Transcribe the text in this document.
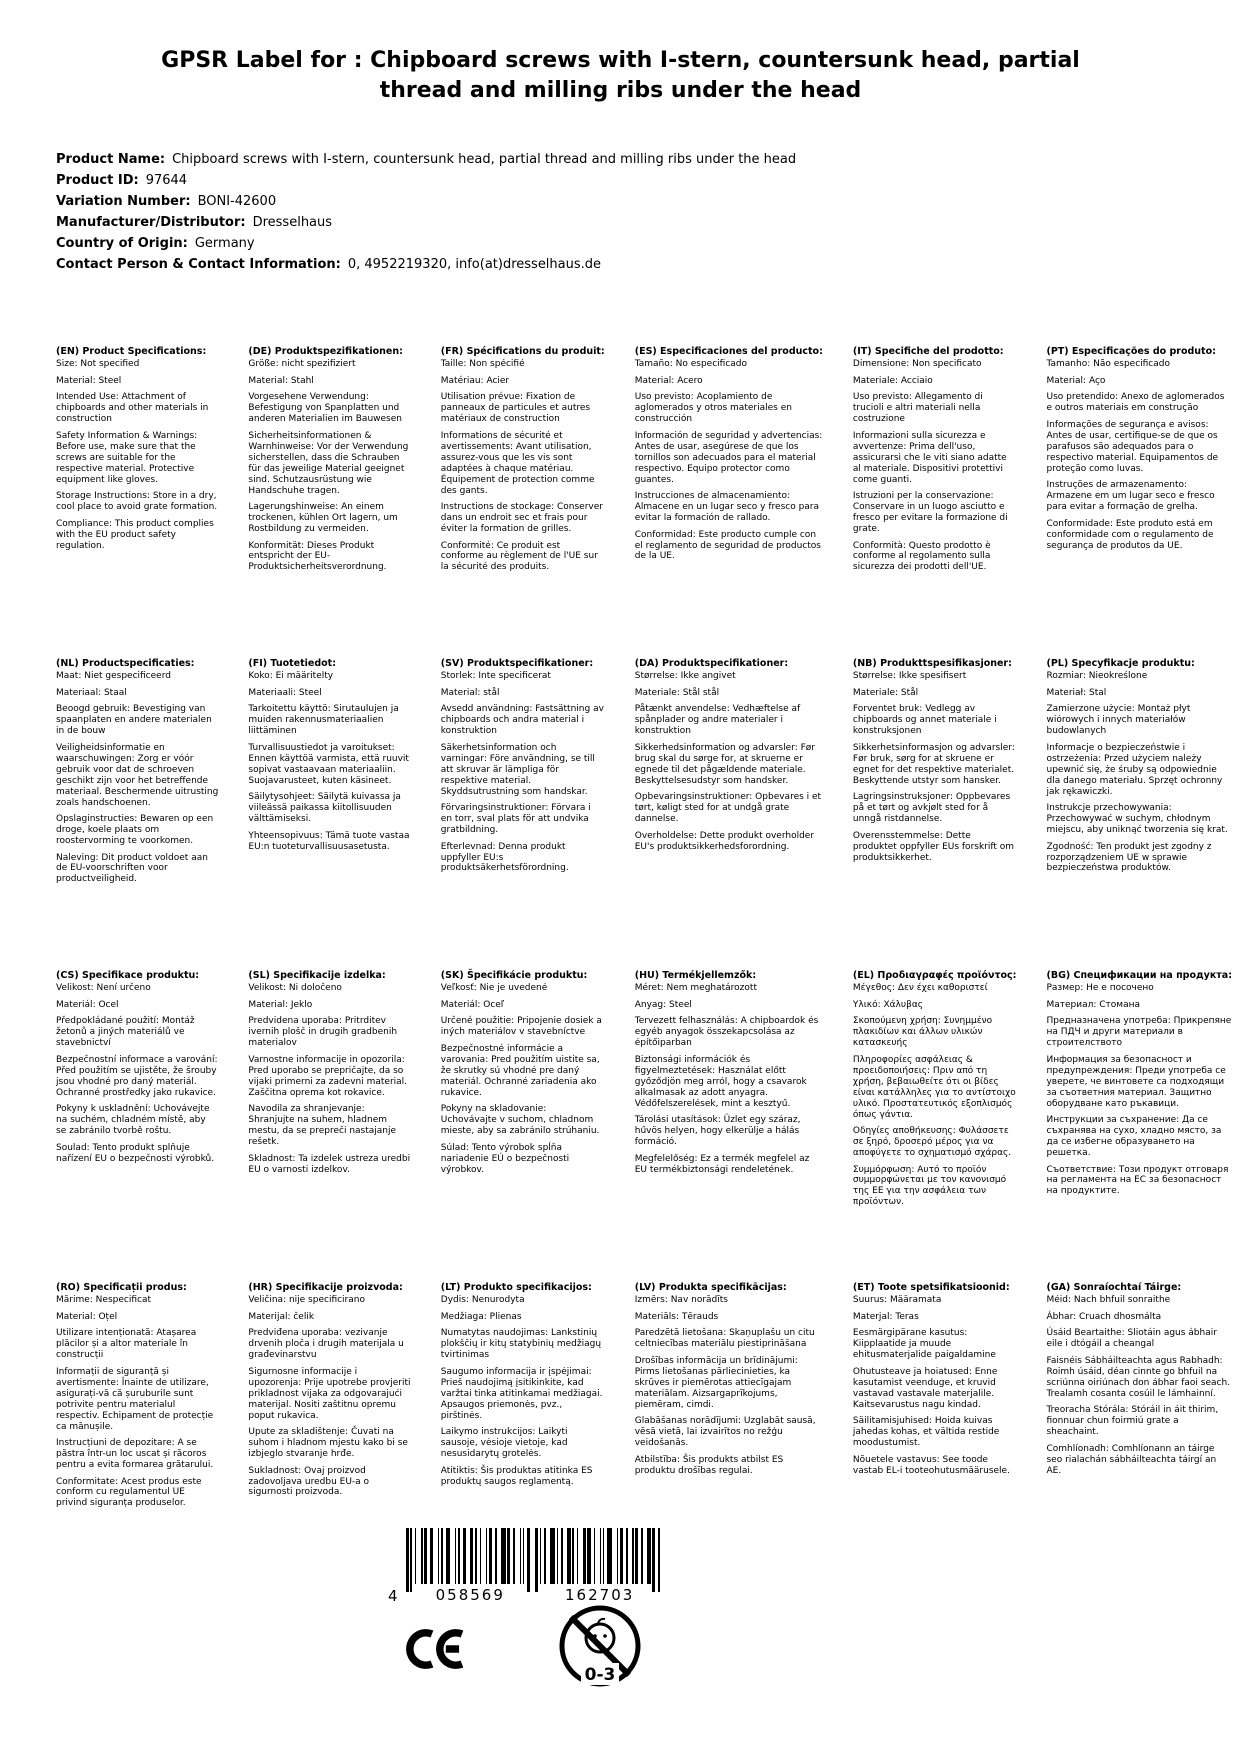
GPSR Label for : Chipboard screws with I-stern, countersunk head, partial thread and milling ribs under the head

Product Name: Chipboard screws with I-stern, countersunk head, partial thread and milling ribs under the head

Product ID: 97644

Variation Number: BONI-42600

Manufacturer/Distributor: Dresselhaus

Country of Origin: Germany

Contact Person & Contact Information: 0, 4952219320, info(at)dresselhaus.de

(EN) Product Specifications:

Size: Not specified

Material: Steel

Intended Use: Attachment of chipboards and other materials in construction

Safety Information & Warnings: Before use, make sure that the screws are suitable for the respective material. Protective equipment like gloves.

Storage Instructions: Store in a dry, cool place to avoid grate formation.

Compliance: This product complies with the EU product safety regulation.

(DE) Produktspezifikationen:

Größe: nicht spezifiziert

Material: Stahl

Vorgesehene Verwendung: Befestigung von Spanplatten und anderen Materialien im Bauwesen

Sicherheitsinformationen & Warnhinweise: Vor der Verwendung sicherstellen, dass die Schrauben für das jeweilige Material geeignet sind. Schutzausrüstung wie Handschuhe tragen.

Lagerungshinweise: An einem trockenen, kühlen Ort lagern, um Rostbildung zu vermeiden.

Konformität: Dieses Produkt entspricht der EU-Produktsicherheitsverordnung.

(FR) Spécifications du produit:

Taille: Non spécifié

Matériau: Acier

Utilisation prévue: Fixation de panneaux de particules et autres matériaux de construction

Informations de sécurité et avertissements: Avant utilisation, assurez-vous que les vis sont adaptées à chaque matériau. Équipement de protection comme des gants.

Instructions de stockage: Conserver dans un endroit sec et frais pour éviter la formation de grilles.

Conformité: Ce produit est conforme au règlement de l'UE sur la sécurité des produits.

(ES) Especificaciones del producto:

Tamaño: No especificado

Material: Acero

Uso previsto: Acoplamiento de aglomerados y otros materiales en construcción

Información de seguridad y advertencias: Antes de usar, asegúrese de que los tornillos son adecuados para el material respectivo. Equipo protector como guantes.

Instrucciones de almacenamiento: Almacene en un lugar seco y fresco para evitar la formación de rallado.

Conformidad: Este producto cumple con el reglamento de seguridad de productos de la UE.

(IT) Specifiche del prodotto:

Dimensione: Non specificato

Materiale: Acciaio

Uso previsto: Allegamento di trucioli e altri materiali nella costruzione

Informazioni sulla sicurezza e avvertenze: Prima dell'uso, assicurarsi che le viti siano adatte al materiale. Dispositivi protettivi come guanti.

Istruzioni per la conservazione: Conservare in un luogo asciutto e fresco per evitare la formazione di grate.

Conformità: Questo prodotto è conforme al regolamento sulla sicurezza dei prodotti dell'UE.

(PT) Especificações do produto:

Tamanho: Não especificado

Material: Aço

Uso pretendido: Anexo de aglomerados e outros materiais em construção

Informações de segurança e avisos: Antes de usar, certifique-se de que os parafusos são adequados para o respectivo material. Equipamentos de proteção como luvas.

Instruções de armazenamento: Armazene em um lugar seco e fresco para evitar a formação de grelha.

Conformidade: Este produto está em conformidade com o regulamento de segurança de produtos da UE.

(NL) Productspecificaties:

Maat: Niet gespecificeerd

Materiaal: Staal

Beoogd gebruik: Bevestiging van spaanplaten en andere materialen in de bouw

Veiligheidsinformatie en waarschuwingen: Zorg er vóór gebruik voor dat de schroeven geschikt zijn voor het betreffende materiaal. Beschermende uitrusting zoals handschoenen.

Opslaginstructies: Bewaren op een droge, koele plaats om roostervorming te voorkomen.

Naleving: Dit product voldoet aan de EU-voorschriften voor productveiligheid.

(FI) Tuotetiedot:

Koko: Ei määritelty

Materiaali: Steel

Tarkoitettu käyttö: Sirutaulujen ja muiden rakennusmateriaalien liittäminen

Turvallisuustiedot ja varoitukset: Ennen käyttöä varmista, että ruuvit sopivat vastaavaan materiaaliin. Suojavarusteet, kuten käsineet.

Säilytysohjeet: Säilytä kuivassa ja viileässä paikassa kiitollisuuden välttämiseksi.

Yhteensopivuus: Tämä tuote vastaa EU:n tuoteturvallisuusasetusta.

(SV) Produktspecifikationer:

Storlek: Inte specificerat

Material: stål

Avsedd användning: Fastsättning av chipboards och andra material i konstruktion

Säkerhetsinformation och varningar: Före användning, se till att skruvar är lämpliga för respektive material. Skyddsutrustning som handskar.

Förvaringsinstruktioner: Förvara i en torr, sval plats för att undvika gratbildning.

Efterlevnad: Denna produkt uppfyller EU:s produktsäkerhetsförordning.

(DA) Produktspecifikationer:

Størrelse: Ikke angivet

Materiale: Stål stål

Påtænkt anvendelse: Vedhæftelse af spånplader og andre materialer i konstruktion

Sikkerhedsinformation og advarsler: Før brug skal du sørge for, at skruerne er egnede til det pågældende materiale. Beskyttelsesudstyr som handsker.

Opbevaringsinstruktioner: Opbevares i et tørt, køligt sted for at undgå grate dannelse.

Overholdelse: Dette produkt overholder EU's produktsikkerhedsforordning.

(NB) Produkttspesifikasjoner:

Størrelse: Ikke spesifisert

Materiale: Stål

Forventet bruk: Vedlegg av chipboards og annet materiale i konstruksjonen

Sikkerhetsinformasjon og advarsler: Før bruk, sørg for at skruene er egnet for det respektive materialet. Beskyttende utstyr som hansker.

Lagringsinstruksjoner: Oppbevares på et tørt og avkjølt sted for å unngå ristdannelse.

Overensstemmelse: Dette produktet oppfyller EUs forskrift om produktsikkerhet.

(PL) Specyfikacje produktu:

Rozmiar: Nieokreślone

Materiał: Stal

Zamierzone użycie: Montaż płyt wiórowych i innych materiałów budowlanych

Informacje o bezpieczeństwie i ostrzeżenia: Przed użyciem należy upewnić się, że śruby są odpowiednie dla danego materiału. Sprzęt ochronny jak rękawiczki.

Instrukcje przechowywania: Przechowywać w suchym, chłodnym miejscu, aby uniknąć tworzenia się krat.

Zgodność: Ten produkt jest zgodny z rozporządzeniem UE w sprawie bezpieczeństwa produktów.

(CS) Specifikace produktu:

Velikost: Není určeno

Materiál: Ocel

Předpokládané použití: Montáž žetonů a jiných materiálů ve stavebnictví

Bezpečnostní informace a varování: Před použitím se ujistěte, že šrouby jsou vhodné pro daný materiál. Ochranné prostředky jako rukavice.

Pokyny k uskladnění: Uchovávejte na suchém, chladném místě, aby se zabránilo tvorbě roštu.

Soulad: Tento produkt splňuje nařízení EU o bezpečnosti výrobků.

(SL) Specifikacije izdelka:

Velikost: Ni določeno

Material: Jeklo

Predvidena uporaba: Pritrditev ivernih plošč in drugih gradbenih materialov

Varnostne informacije in opozorila: Pred uporabo se prepričajte, da so vijaki primerni za zadevni material. Zaščitna oprema kot rokavice.

Navodila za shranjevanje: Shranjujte na suhem, hladnem mestu, da se prepreči nastajanje rešetk.

Skladnost: Ta izdelek ustreza uredbi EU o varnosti izdelkov.

(SK) Špecifikácie produktu:

Veľkosť: Nie je uvedené

Materiál: Oceľ

Určené použitie: Pripojenie dosiek a iných materiálov v stavebníctve

Bezpečnostné informácie a varovania: Pred použitím uistite sa, že skrutky sú vhodné pre daný materiál. Ochranné zariadenia ako rukavice.

Pokyny na skladovanie: Uchovávajte v suchom, chladnom mieste, aby sa zabránilo strúhaniu.

Súlad: Tento výrobok spĺňa nariadenie EÚ o bezpečnosti výrobkov.

(HU) Termékjellemzők:

Méret: Nem meghatározott

Anyag: Steel

Tervezett felhasználás: A chipboardok és egyéb anyagok összekapcsolása az építőiparban

Biztonsági információk és figyelmeztetések: Használat előtt győződjön meg arról, hogy a csavarok alkalmasak az adott anyagra. Védőfelszerelések, mint a kesztyű.

Tárolási utasítások: Üzlet egy száraz, hűvös helyen, hogy elkerülje a hálás formáció.

Megfelelőség: Ez a termék megfelel az EU termékbiztonsági rendeletének.

(EL) Προδιαγραφές προϊόντος:

Μέγεθος: Δεν έχει καθοριστεί

Υλικό: Χάλυβας

Σκοπούμενη χρήση: Συνημμένο πλακιδίων και άλλων υλικών κατασκευής

Πληροφορίες ασφάλειας & προειδοποιήσεις: Πριν από τη χρήση, βεβαιωθείτε ότι οι βίδες είναι κατάλληλες για το αντίστοιχο υλικό. Προστατευτικός εξοπλισμός όπως γάντια.

Οδηγίες αποθήκευσης: Φυλάσσετε σε ξηρό, δροσερό μέρος για να αποφύγετε το σχηματισμό σχάρας.

Συμμόρφωση: Αυτό το προϊόν συμμορφώνεται με τον κανονισμό της ΕΕ για την ασφάλεια των προϊόντων.

(BG) Спецификации на продукта:

Размер: Не е посочено

Материал: Стомана

Предназначена употреба: Прикрепяне на ПДЧ и други материали в строителството

Информация за безопасност и предупреждения: Преди употреба се уверете, че винтовете са подходящи за съответния материал. Защитно оборудване като ръкавици.

Инструкции за съхранение: Да се съхранява на сухо, хладно място, за да се избегне образуването на решетка.

Съответствие: Този продукт отговаря на регламента на ЕС за безопасност на продуктите.

(RO) Specificații produs:

Mărime: Nespecificat

Material: Oțel

Utilizare intenționată: Atașarea plăcilor și a altor materiale în construcții

Informații de siguranță și avertismente: Înainte de utilizare, asigurați-vă că șuruburile sunt potrivite pentru materialul respectiv. Echipament de protecție ca mănușile.

Instrucțiuni de depozitare: A se păstra într-un loc uscat și răcoros pentru a evita formarea grătarului.

Conformitate: Acest produs este conform cu regulamentul UE privind siguranța produselor.

(HR) Specifikacije proizvoda:

Veličina: nije specificirano

Materijal: čelik

Predviđena uporaba: vezivanje drvenih ploča i drugih materijala u građevinarstvu

Sigurnosne informacije i upozorenja: Prije upotrebe provjeriti prikladnost vijaka za odgovarajući materijal. Nositi zaštitnu opremu poput rukavica.

Upute za skladištenje: Čuvati na suhom i hladnom mjestu kako bi se izbjeglo stvaranje hrđe.

Sukladnost: Ovaj proizvod zadovoljava uredbu EU-a o sigurnosti proizvoda.

(LT) Produkto specifikacijos:

Dydis: Nenurodyta

Medžiaga: Plienas

Numatytas naudojimas: Lankstinių plokščių ir kitų statybinių medžiagų tvirtinimas

Saugumo informacija ir įspėjimai: Prieš naudojimą įsitikinkite, kad varžtai tinka atitinkamai medžiagai. Apsaugos priemonės, pvz., pirštinės.

Laikymo instrukcijos: Laikyti sausoje, vėsioje vietoje, kad nesusidarytų grotelės.

Atitiktis: Šis produktas atitinka ES produktų saugos reglamentą.

(LV) Produkta specifikācijas:

Izmērs: Nav norādīts

Materiāls: Tērauds

Paredzētā lietošana: Skaņuplašu un citu celtniecības materiālu piestiprināšana

Drošības informācija un brīdinājumi: Pirms lietošanas pārliecinieties, ka skrūves ir piemērotas attiecīgajam materiālam. Aizsargaprīkojums, piemēram, cimdi.

Glabāšanas norādījumi: Uzglabāt sausā, vēsā vietā, lai izvairītos no režģu veidošanās.

Atbilstība: Šis produkts atbilst ES produktu drošības regulai.

(ET) Toote spetsifikatsioonid:

Suurus: Määramata

Materjal: Teras

Eesmärgipärane kasutus: Kiipplaatide ja muude ehitusmaterjalide paigaldamine

Ohutusteave ja hoiatused: Enne kasutamist veenduge, et kruvid vastavad vastavale materjalile. Kaitsevarustus nagu kindad.

Säilitamisjuhised: Hoida kuivas jahedas kohas, et vältida restide moodustumist.

Nõuetele vastavus: See toode vastab EL-i tooteohutusmäärusele.

(GA) Sonraíochtaí Táirge:

Méid: Nach bhfuil sonraithe

Ábhar: Cruach dhosmálta

Úsáid Beartaithe: Sliotáin agus ábhair eile i dtógáil a cheangal

Faisnéis Sábháilteachta agus Rabhadh: Roimh úsáid, déan cinnte go bhfuil na scriúnna oiriúnach don ábhar faoi seach. Trealamh cosanta cosúil le lámhainní.

Treoracha Stórála: Stóráil in áit thirim, fionnuar chun foirmiú grate a sheachaint.

Comhlíonadh: Comhlíonann an táirge seo rialachán sábháilteachta táirgí an AE.

4	058569	162703
0-3
